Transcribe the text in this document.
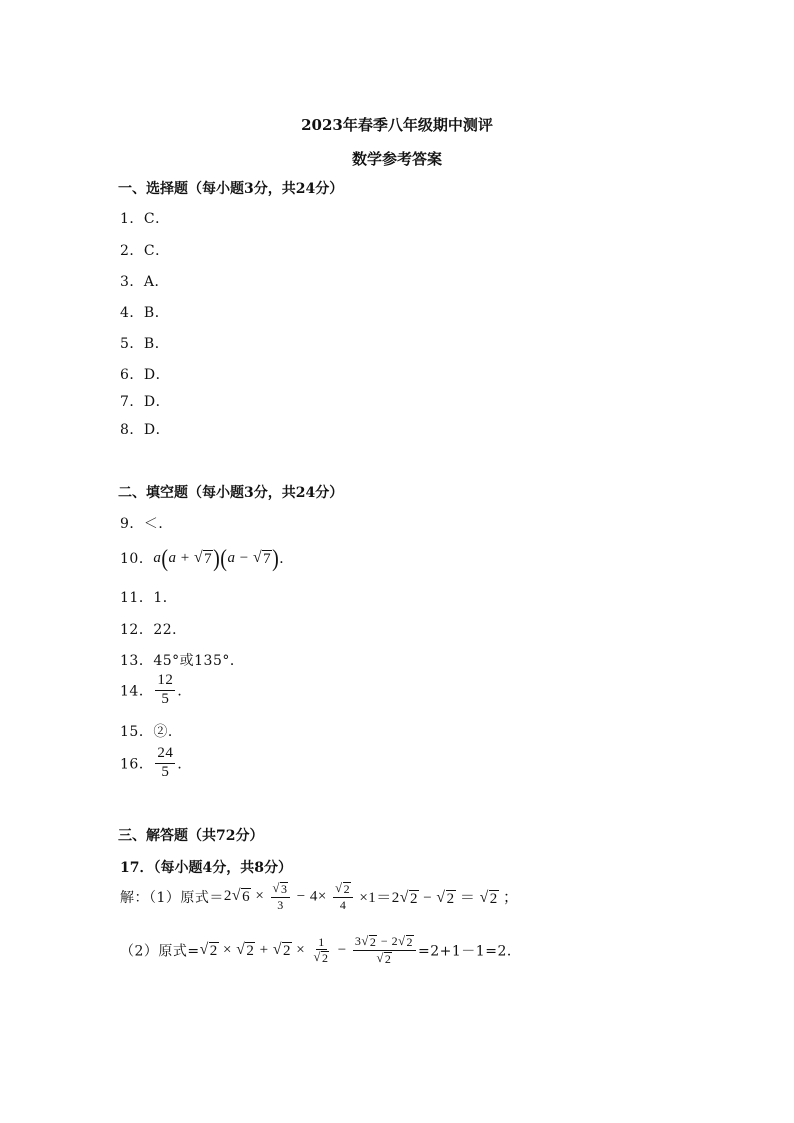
2023年春季八年级期中测评
数学参考答案
一、选择题（每小题3分，共24分）
1．C．
2．C．
3．A．
4．B．
5．B．
6．D．
7．D．
8．D．
二、填空题（每小题3分，共24分）
9．＜．
10．a(a + √ 7 )(a − √ 7 )．
11．1．
12．22．
13．45°或135°．
14． $\frac{12}{5}$ ．
15．②．
16． $\frac{24}{5}$ ．
三、解答题（共72分）
17．（每小题4分，共8分）
解：（1）原式＝2 √ $6 \times \frac{√ 3}{3} - 4\times \frac{√ 2}{4} \times 1=2$ √ 2 − √ 2 ＝ √ 2 ；
（2）原式= √ 2 × √ 2 + √ $2 \times \frac{1}{√ 2} - \frac{3 √ 2 - 2 √ 2}{√ 2} =2+1-1=2$．
